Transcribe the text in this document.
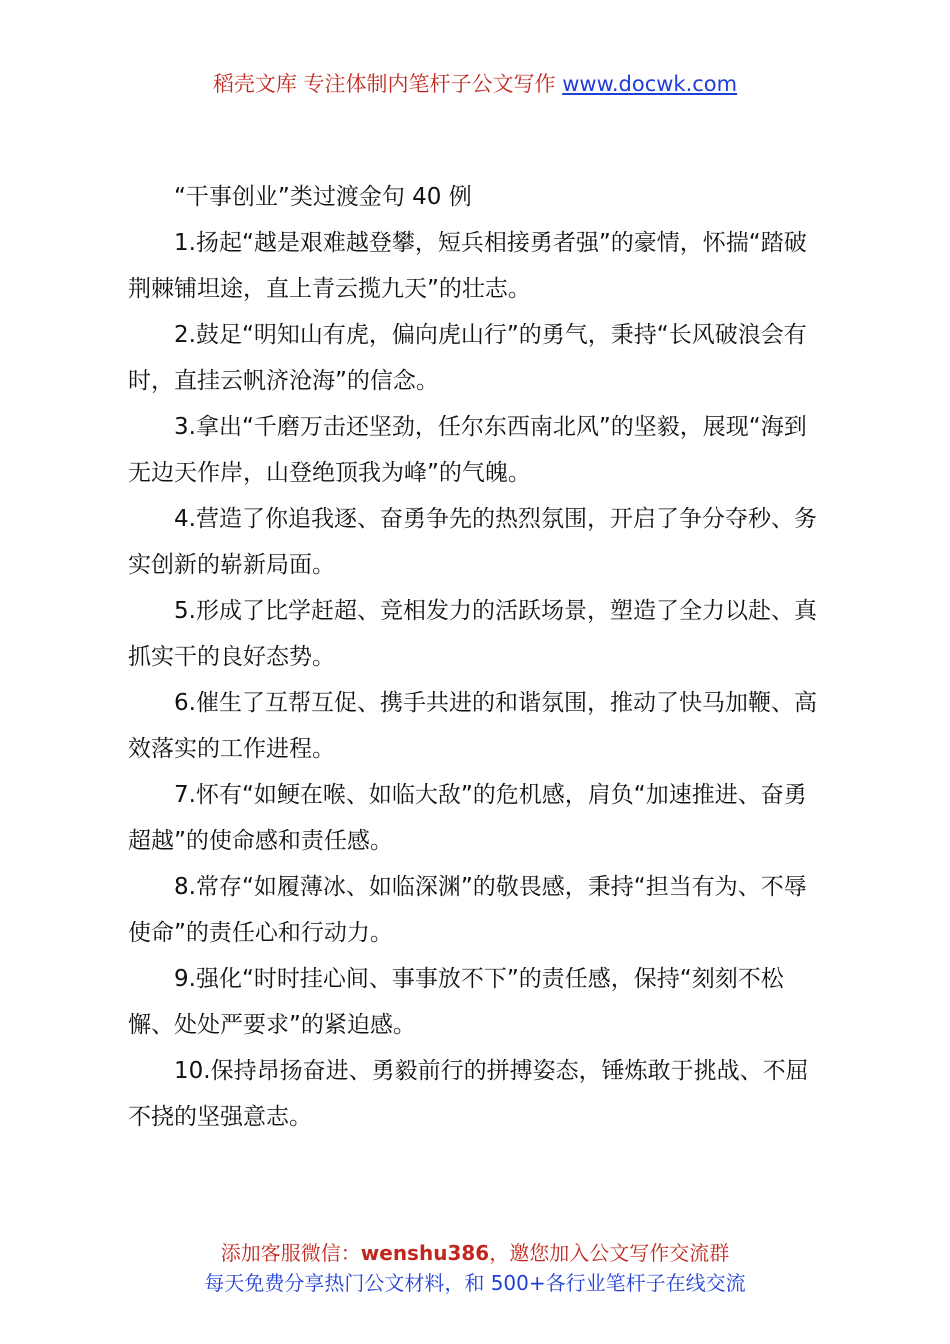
稻壳文库 专注体制内笔杆子公文写作 www.docwk.com

“干事创业”类过渡金句 40 例

1.扬起“越是艰难越登攀，短兵相接勇者强”的豪情，怀揣“踏破荆棘铺坦途，直上青云揽九天”的壮志。

2.鼓足“明知山有虎，偏向虎山行”的勇气，秉持“长风破浪会有时，直挂云帆济沧海”的信念。

3.拿出“千磨万击还坚劲，任尔东西南北风”的坚毅，展现“海到无边天作岸，山登绝顶我为峰”的气魄。

4.营造了你追我逐、奋勇争先的热烈氛围，开启了争分夺秒、务实创新的崭新局面。

5.形成了比学赶超、竞相发力的活跃场景，塑造了全力以赴、真抓实干的良好态势。

6.催生了互帮互促、携手共进的和谐氛围，推动了快马加鞭、高效落实的工作进程。

7.怀有“如鲠在喉、如临大敌”的危机感，肩负“加速推进、奋勇超越”的使命感和责任感。

8.常存“如履薄冰、如临深渊”的敬畏感，秉持“担当有为、不辱使命”的责任心和行动力。

9.强化“时时挂心间、事事放不下”的责任感，保持“刻刻不松懈、处处严要求”的紧迫感。

10.保持昂扬奋进、勇毅前行的拼搏姿态，锤炼敢于挑战、不屈不挠的坚强意志。

添加客服微信：wenshu386，邀您加入公文写作交流群
每天免费分享热门公文材料，和 500+各行业笔杆子在线交流
